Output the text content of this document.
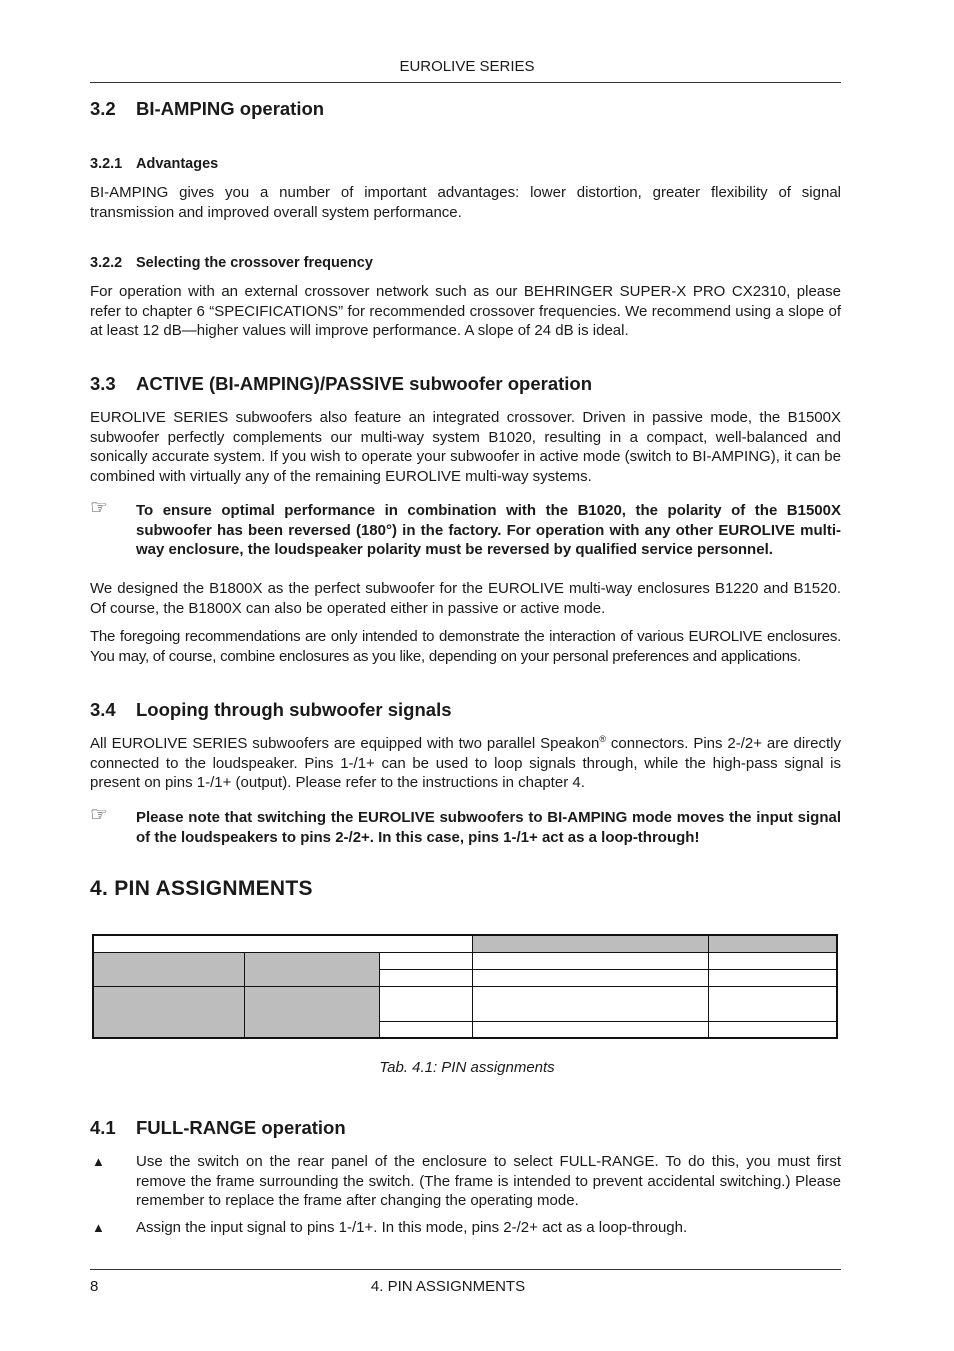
EUROLIVE SERIES
3.2 BI-AMPING operation
3.2.1 Advantages
BI-AMPING gives you a number of important advantages: lower distortion, greater flexibility of signal transmission and improved overall system performance.
3.2.2 Selecting the crossover frequency
For operation with an external crossover network such as our BEHRINGER SUPER-X PRO CX2310, please refer to chapter 6 “SPECIFICATIONS” for recommended crossover frequencies. We recommend using a slope of at least 12 dB—higher values will improve performance. A slope of 24 dB is ideal.
3.3 ACTIVE (BI-AMPING)/PASSIVE subwoofer operation
EUROLIVE SERIES subwoofers also feature an integrated crossover. Driven in passive mode, the B1500X subwoofer perfectly complements our multi-way system B1020, resulting in a compact, well-balanced and sonically accurate system. If you wish to operate your subwoofer in active mode (switch to BI-AMPING), it can be combined with virtually any of the remaining EUROLIVE multi-way systems.
☞ To ensure optimal performance in combination with the B1020, the polarity of the B1500X subwoofer has been reversed (180°) in the factory. For operation with any other EUROLIVE multi-way enclosure, the loudspeaker polarity must be reversed by qualified service personnel.
We designed the B1800X as the perfect subwoofer for the EUROLIVE multi-way enclosures B1220 and B1520. Of course, the B1800X can also be operated either in passive or active mode.
The foregoing recommendations are only intended to demonstrate the interaction of various EUROLIVE enclosures. You may, of course, combine enclosures as you like, depending on your personal preferences and applications.
3.4 Looping through subwoofer signals
All EUROLIVE SERIES subwoofers are equipped with two parallel Speakon® connectors. Pins 2-/2+ are directly connected to the loudspeaker. Pins 1-/1+ can be used to loop signals through, while the high-pass signal is present on pins 1-/1+ (output). Please refer to the instructions in chapter 4.
☞ Please note that switching the EUROLIVE subwoofers to BI-AMPING mode moves the input signal of the loudspeakers to pins 2-/2+. In this case, pins 1-/1+ act as a loop-through!
4. PIN ASSIGNMENTS

Tab. 4.1: PIN assignments
4.1 FULL-RANGE operation
▲ Use the switch on the rear panel of the enclosure to select FULL-RANGE. To do this, you must first remove the frame surrounding the switch. (The frame is intended to prevent accidental switching.) Please remember to replace the frame after changing the operating mode.
▲ Assign the input signal to pins 1-/1+. In this mode, pins 2-/2+ act as a loop-through.
8	4. PIN ASSIGNMENTS
